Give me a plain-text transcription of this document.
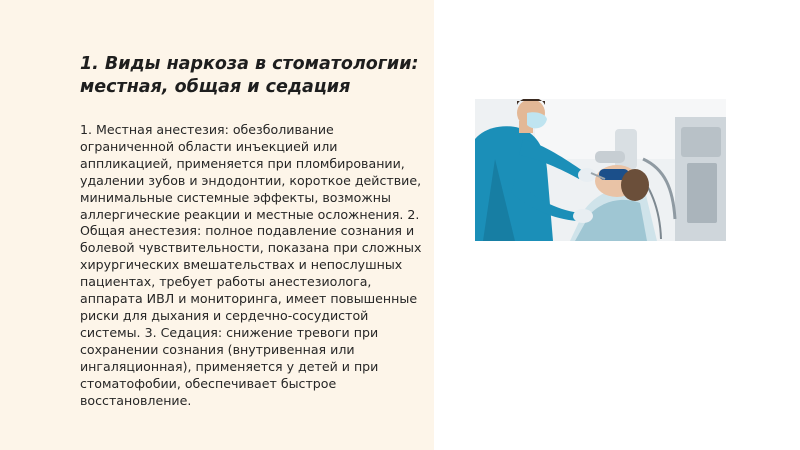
1. Виды наркоза в стоматологии: местная, общая и седация

1. Местная анестезия: обезболивание ограниченной области инъекцией или аппликацией, применяется при пломбировании, удалении зубов и эндодонтии, короткое действие, минимальные системные эффекты, возможны аллергические реакции и местные осложнения. 2. Общая анестезия: полное подавление сознания и болевой чувствительности, показана при сложных хирургических вмешательствах и непослушных пациентах, требует работы анестезиолога, аппарата ИВЛ и мониторинга, имеет повышенные риски для дыхания и сердечно-сосудистой системы. 3. Седация: снижение тревоги при сохранении сознания (внутривенная или ингаляционная), применяется у детей и при стоматофобии, обеспечивает быстрое восстановление.
